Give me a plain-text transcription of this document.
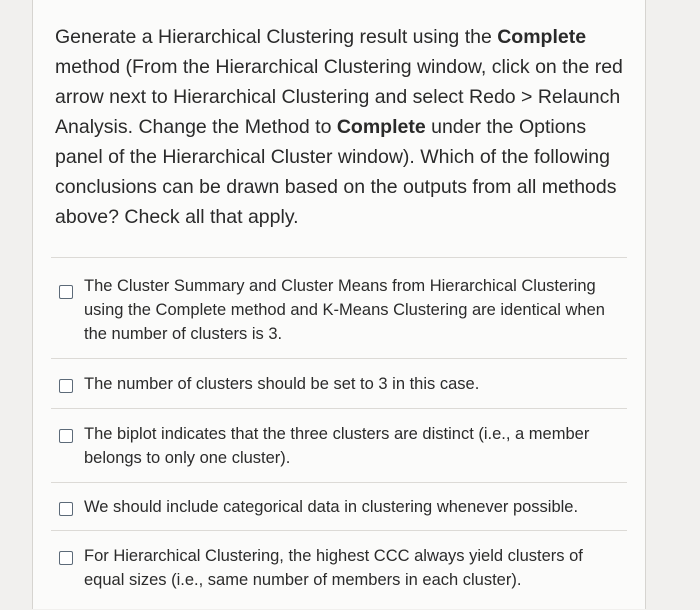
Generate a Hierarchical Clustering result using the Complete method (From the Hierarchical Clustering window, click on the red arrow next to Hierarchical Clustering and select Redo > Relaunch Analysis. Change the Method to Complete under the Options panel of the Hierarchical Cluster window). Which of the following conclusions can be drawn based on the outputs from all methods above? Check all that apply.
The Cluster Summary and Cluster Means from Hierarchical Clustering using the Complete method and K-Means Clustering are identical when the number of clusters is 3.
The number of clusters should be set to 3 in this case.
The biplot indicates that the three clusters are distinct (i.e., a member belongs to only one cluster).
We should include categorical data in clustering whenever possible.
For Hierarchical Clustering, the highest CCC always yield clusters of equal sizes (i.e., same number of members in each cluster).
